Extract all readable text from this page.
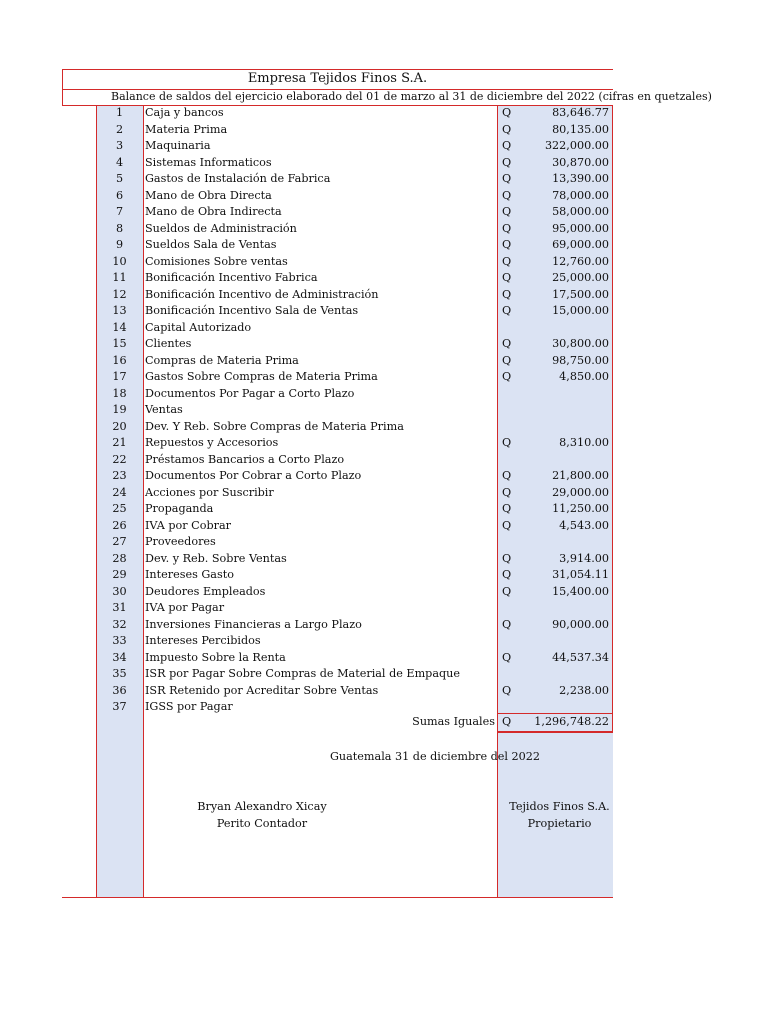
Empresa Tejidos Finos S.A.
Balance de saldos del ejercicio elaborado del 01 de marzo al 31 de diciembre del 2022 (cifras en quetzales)
1	Caja y bancos	Q	83,646.77
2	Materia Prima	Q	80,135.00
3	Maquinaria	Q	322,000.00
4	Sistemas Informaticos	Q	30,870.00
5	Gastos de Instalación de Fabrica	Q	13,390.00
6	Mano de Obra Directa	Q	78,000.00
7	Mano de Obra Indirecta	Q	58,000.00
8	Sueldos de Administración	Q	95,000.00
9	Sueldos Sala de Ventas	Q	69,000.00
10	Comisiones Sobre ventas	Q	12,760.00
11	Bonificación Incentivo Fabrica	Q	25,000.00
12	Bonificación Incentivo de Administración	Q	17,500.00
13	Bonificación Incentivo Sala de Ventas	Q	15,000.00
14	Capital Autorizado
15	Clientes	Q	30,800.00
16	Compras de Materia Prima	Q	98,750.00
17	Gastos Sobre Compras de Materia Prima	Q	4,850.00
18	Documentos Por Pagar a Corto Plazo
19	Ventas
20	Dev. Y Reb. Sobre Compras de Materia Prima
21	Repuestos y Accesorios	Q	8,310.00
22	Préstamos Bancarios a Corto Plazo
23	Documentos Por Cobrar a Corto Plazo	Q	21,800.00
24	Acciones por Suscribir	Q	29,000.00
25	Propaganda	Q	11,250.00
26	IVA por Cobrar	Q	4,543.00
27	Proveedores
28	Dev. y Reb. Sobre Ventas	Q	3,914.00
29	Intereses Gasto	Q	31,054.11
30	Deudores Empleados	Q	15,400.00
31	IVA por Pagar
32	Inversiones Financieras a Largo Plazo	Q	90,000.00
33	Intereses Percibidos
34	Impuesto Sobre la Renta	Q	44,537.34
35	ISR por Pagar Sobre Compras de Material de Empaque
36	ISR Retenido por Acreditar Sobre Ventas	Q	2,238.00
37	IGSS por Pagar
Sumas Iguales Q	1,296,748.22
Guatemala 31 de diciembre del 2022
Bryan Alexandro Xicay
Perito Contador
Tejidos Finos S.A.
Propietario
